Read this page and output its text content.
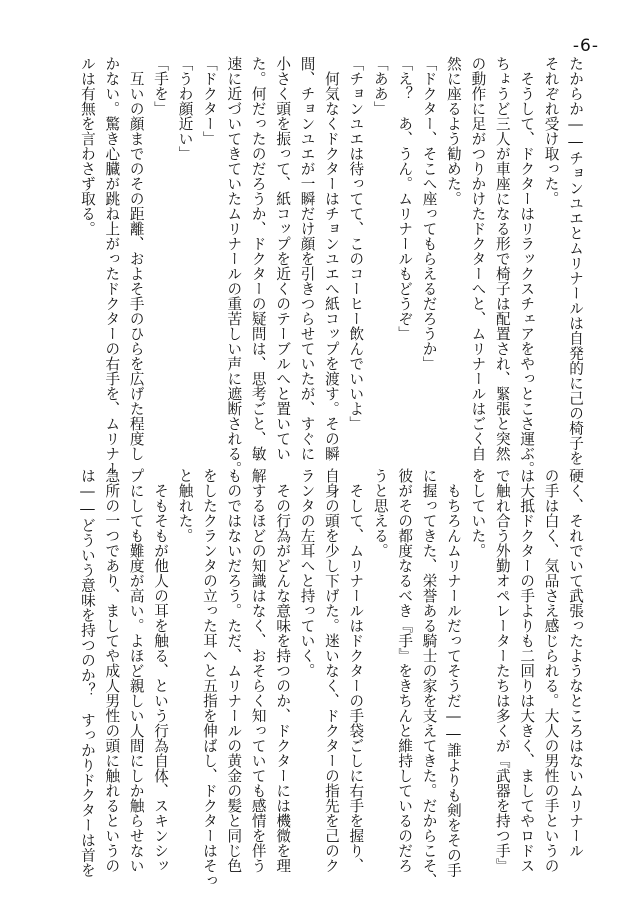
-6-
たからか――チョンユエとムリナールは自発的に己の椅子を
それぞれ受け取った。
　そうして、ドクターはリラックスチェアをやっとこさ運ぶ。
ちょうど三人が車座になる形で椅子は配置され、緊張と突然
の動作に足がつりかけたドクターへと、ムリナールはごく自
然に座るよう勧めた。
「ドクター、そこへ座ってもらえるだろうか」
「え？　あ、うん。ムリナールもどうぞ」
「ああ」
「チョンユエは待ってて、このコーヒー飲んでいいよ」
　何気なくドクターはチョンユエへ紙コップを渡す。その瞬
間、チョンユエが一瞬だけ顔を引きつらせていたが、すぐに
小さく頭を振って、紙コップを近くのテーブルへと置いてい
た。何だったのだろうか、ドクターの疑問は、思考ごと、敏
速に近づいてきていたムリナールの重苦しい声に遮断される。
「ドクター」
「うわ顔近い」
「手を」
　互いの顔までのその距離、およそ手のひらを広げた程度し
かない。驚き心臓が跳ね上がったドクターの右手を、ムリナー
ルは有無を言わさず取る。
硬く、それでいて武張ったようなところはないムリナール
の手は白く、気品さえ感じられる。大人の男性の手というの
は大抵ドクターの手よりも二回りは大きく、ましてやロドス
で触れ合う外勤オペレーターたちは多くが『武器を持つ手』
をしていた。
　もちろんムリナールだってそうだ――誰よりも剣をその手
に握ってきた、栄誉ある騎士の家を支えてきた。だからこそ、
彼がその都度なるべき『手』をきちんと維持しているのだろ
うと思える。
　そして、ムリナールはドクターの手袋ごしに右手を握り、
自身の頭を少し下げた。迷いなく、ドクターの指先を己のク
ランタの左耳へと持っていく。
　その行為がどんな意味を持つのか、ドクターには機微を理
解するほどの知識はなく、おそらく知っていても感情を伴う
ものではないだろう。ただ、ムリナールの黄金の髪と同じ色
をしたクランタの立った耳へと五指を伸ばし、ドクターはそっ
と触れた。
　そもそもが他人の耳を触る、という行為自体、スキンシッ
プにしても難度が高い。よほど親しい人間にしか触らせない
急所の一つであり、ましてや成人男性の頭に触れるというの
は――どういう意味を持つのか？　すっかりドクターは首を
